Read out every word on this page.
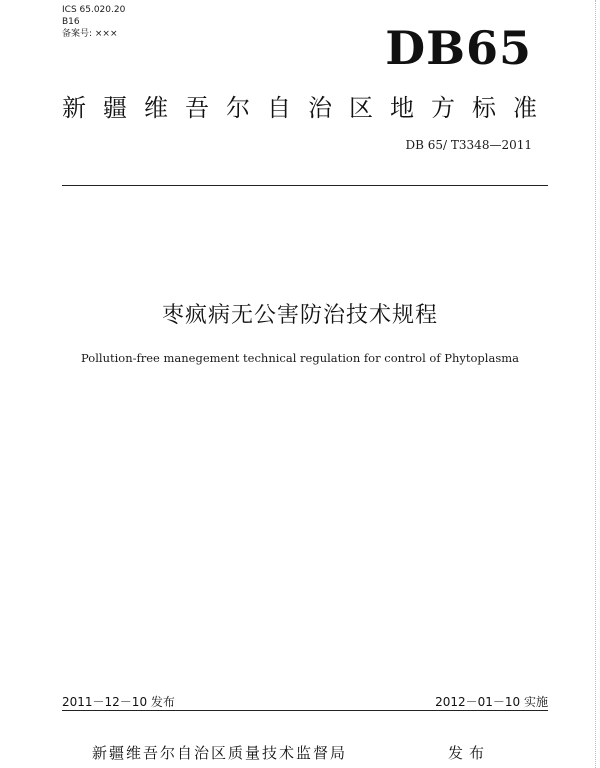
ICS 65.020.20
B16
备案号: ×××	DB65
新疆维吾尔自治区地方标准
DB 65/ T3348—2011
枣疯病无公害防治技术规程
Pollution-free manegement technical regulation for control of Phytoplasma
2011－12－10 发布	2012－01－10 实施
新疆维吾尔自治区质量技术监督局	发布
